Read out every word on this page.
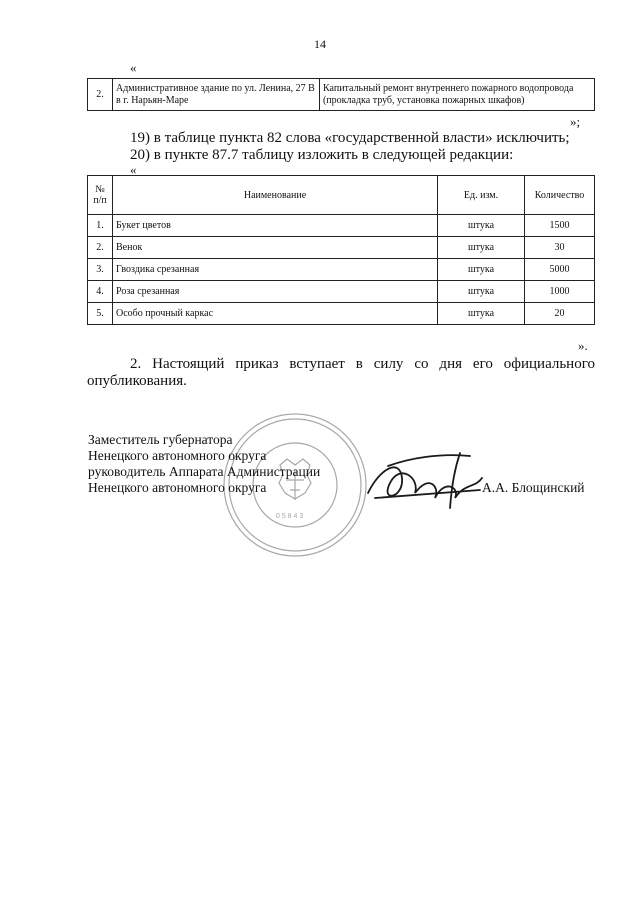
14
«
2.	Административное здание по ул. Ленина, 27 В в г. Нарьян-Маре	Капитальный ремонт внутреннего пожарного водопровода (прокладка труб, установка пожарных шкафов)
»;
19) в таблице пункта 82 слова «государственной власти» исключить;
20) в пункте 87.7 таблицу изложить в следующей редакции:
«
№ п/п	Наименование	Ед. изм.	Количество
1.	Букет цветов	штука	1500
2.	Венок	штука	30
3.	Гвоздика срезанная	штука	5000
4.	Роза срезанная	штука	1000
5.	Особо прочный каркас	штука	20
».
2. Настоящий приказ вступает в силу со дня его официального
опубликования.
0 5 8 4 3
Заместитель губернатора
Ненецкого автономного округа
руководитель Аппарата Администрации
Ненецкого автономного округа	А.А. Блощинский
